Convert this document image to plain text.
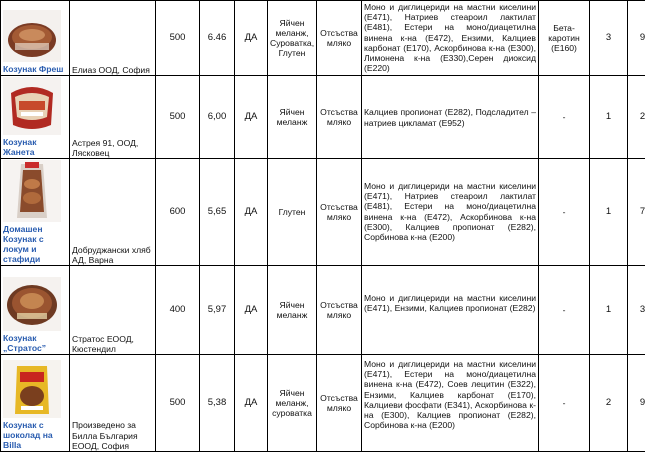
Козунак Фреш	Елиаз ООД, София	500	6.46	ДА	Яйчен меланж, Суроватка, Глутен	Отсъства мляко	Моно и диглицериди на мастни киселини (Е471), Натриев стеароил лактилат (Е481), Естери на моно/диацетилна винена к-на (Е472), Ензими, Калциев карбонат (Е170), Аскорбинова к-на (Е300), Лимонена к-на (Е330),Серен диоксид (Е220)	Бета-каротин (Е160)	3	9	

Козунак Жанета	Астрея 91, ООД, Лясковец	500	6,00	ДА	Яйчен меланж	Отсъства мляко	Калциев пропионат (Е282), Подсладител – натриев цикламат (Е952)	-	1	2	

Домашен Козунак с локум и стафиди	Добруджански хляб АД, Варна	600	5,65	ДА	Глутен	Отсъства мляко	Моно и диглицериди на мастни киселини (Е471), Натриев стеароил лактилат (Е481), Естери на моно/диацетилна винена к-на (Е472), Аскорбинова к-на (Е300), Калциев пропионат (Е282), Сорбинова к-на (Е200)	-	1	7	

Козунак „Стратос”	Стратос ЕООД, Кюстендил	400	5,97	ДА	Яйчен меланж	Отсъства мляко	Моно и диглицериди на мастни киселини (Е471), Ензими, Калциев пропионат (Е282)	-	1	3	

Козунак с шоколад на Billa	Произведено за Билла България ЕООД, София	500	5,38	ДА	Яйчен меланж, суроватка	Отсъства мляко	Моно и диглицериди на мастни киселини (Е471), Естери на моно/диацетилна винена к-на (Е472), Соев лецитин (Е322), Ензими, Калциев карбонат (Е170), Калциеви фосфати (Е341), Аскорбинова к-на (Е300), Калциев пропионат (Е282), Сорбинова к-на (Е200)	-	2	9	
